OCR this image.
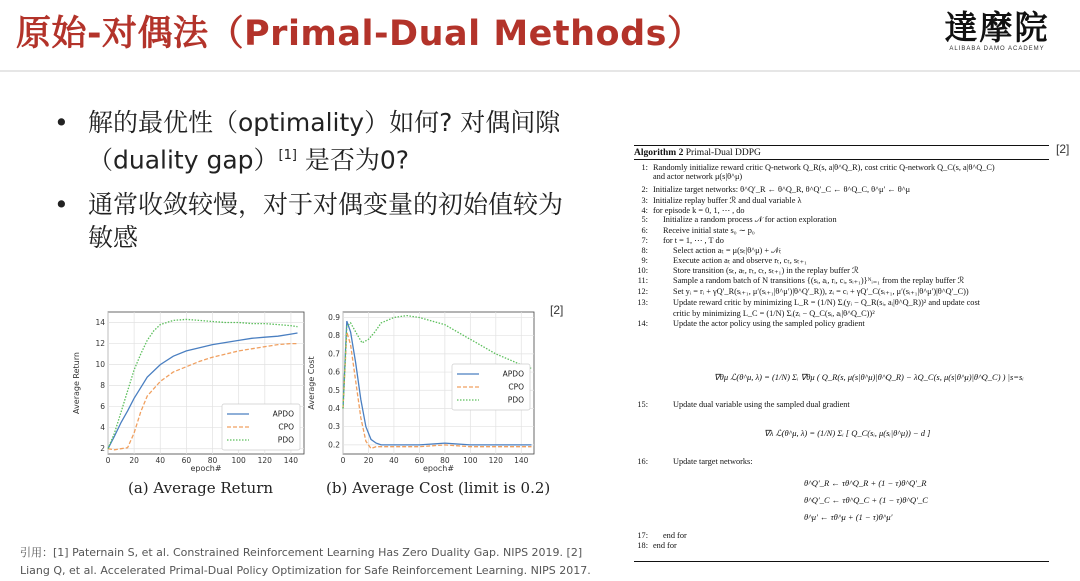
原始-对偶法（Primal-Dual Methods）	達摩院
ALIBABA DAMO ACADEMY
• 解的最优性（optimality）如何? 对偶间隙（duality gap）[1] 是否为0?
• 通常收敛较慢，对于对偶变量的初始值较为敏感
[2]
[2]
0	20 40 60 80 100 120 140
2
4
6
8
10
12
14
epoch#
Average Return
APDO
CPO
PDO
(a) Average Return
0 20 40 60 80 100 120 140
0.2
0.3
0.4
0.5
0.6
0.7
0.8
0.9
epoch#
Average Cost	APDO
CPO
PDO
(b) Average Cost (limit is 0.2)
引用：[1] Paternain S, et al. Constrained Reinforcement Learning Has Zero Duality Gap. NIPS 2019. [2] Liang Q, et al. Accelerated Primal-Dual Policy Optimization for Safe Reinforcement Learning. NIPS 2017.
Algorithm 2 Primal-Dual DDPG
1: Randomly initialize reward critic Q-network Q_R(s, a|θ^Q_R), cost critic Q-network Q_C(s, a|θ^Q_C)
and actor network μ(s|θ^μ)
2: Initialize target networks: θ^Q′_R ← θ^Q_R, θ^Q′_C ← θ^Q_C, θ^μ′ ← θ^μ
3: Initialize replay buffer ℛ and dual variable λ
4: for episode k = 0, 1, ⋯ , do
5: Initialize a random process 𝒩 for action exploration
6: Receive initial state s₀ ∼ p₀
7: for t = 1, ⋯ , T do
8:	Select action aₜ = μ(sₜ|θ^μ) + 𝒩ₜ
9:	Execute action aₜ and observe rₜ, cₜ, sₜ₊₁
10:	Store transition (sₜ, aₜ, rₜ, cₜ, sₜ₊₁) in the replay buffer ℛ
11:	Sample a random batch of N transitions {(sᵢ, aᵢ, rᵢ, cᵢ, sᵢ₊₁)}ᴺᵢ₌₁ from the replay buffer ℛ
12:	Set yᵢ = rᵢ + γQ′_R(sᵢ₊₁, μ′(sᵢ₊₁|θ^μ′)|θ^Q′_R)), zᵢ = cᵢ + γQ′_C(sᵢ₊₁, μ′(sᵢ₊₁|θ^μ′)|θ^Q′_C))
13:	Update reward critic by minimizing L_R = (1/N) Σᵢ(yᵢ − Q_R(sᵢ, aᵢ|θ^Q_R))² and update cost
critic by minimizing L_C = (1/N) Σᵢ(zᵢ − Q_C(sᵢ, aᵢ|θ^Q_C))²
14:	Update the actor policy using the sampled policy gradient
15:	Update dual variable using the sampled dual gradient
16:	Update target networks:
17: end for
18: end for
∇θμ ℒ(θ^μ, λ) = (1/N) Σᵢ ∇θμ ( Q_R(s, μ(s|θ^μ)|θ^Q_R) − λQ_C(s, μ(s|θ^μ)|θ^Q_C) ) |s=sᵢ
∇λ ℒ(θ^μ, λ) = (1/N) Σᵢ [ Q_C(sᵢ, μ(sᵢ|θ^μ)) − d ]
θ^Q′_R ← τθ^Q_R + (1 − τ)θ^Q′_R
θ^Q′_C ← τθ^Q_C + (1 − τ)θ^Q′_C
θ^μ′ ← τθ^μ + (1 − τ)θ^μ′
